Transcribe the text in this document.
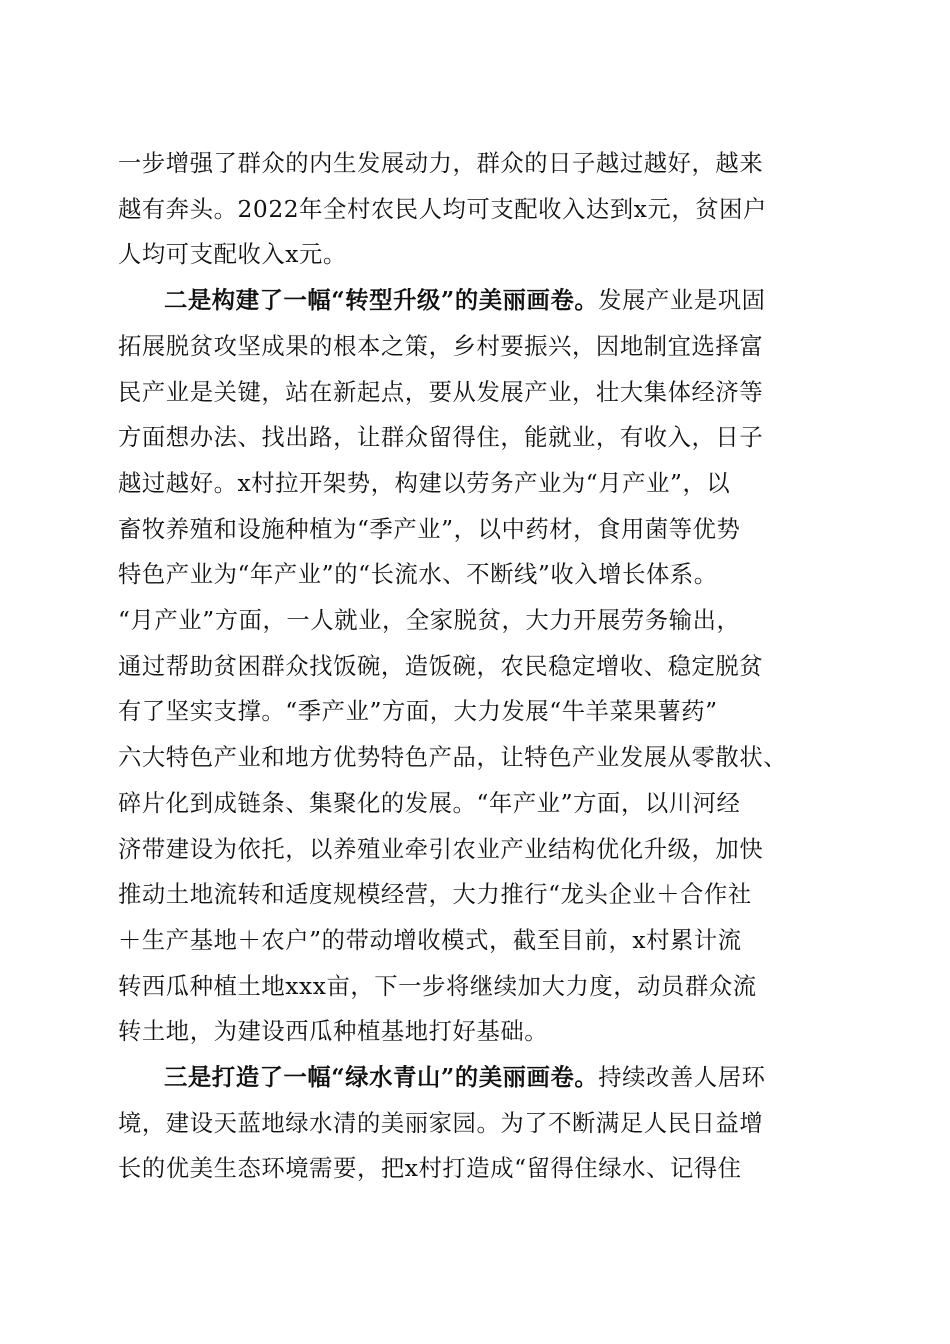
一步增强了群众的内生发展动力，群众的日子越过越好，越来
越有奔头。2022年全村农民人均可支配收入达到x元，贫困户
人均可支配收入x元。
二是构建了一幅“转型升级”的美丽画卷。发展产业是巩固
拓展脱贫攻坚成果的根本之策，乡村要振兴，因地制宜选择富
民产业是关键，站在新起点，要从发展产业，壮大集体经济等
方面想办法、找出路，让群众留得住，能就业，有收入，日子
越过越好。x村拉开架势，构建以劳务产业为“月产业”，以
畜牧养殖和设施种植为“季产业”，以中药材，食用菌等优势
特色产业为“年产业”的“长流水、不断线”收入增长体系。
“月产业”方面，一人就业，全家脱贫，大力开展劳务输出，
通过帮助贫困群众找饭碗，造饭碗，农民稳定增收、稳定脱贫
有了坚实支撑。“季产业”方面，大力发展“牛羊菜果薯药”
六大特色产业和地方优势特色产品，让特色产业发展从零散状、
碎片化到成链条、集聚化的发展。“年产业”方面，以川河经
济带建设为依托，以养殖业牵引农业产业结构优化升级，加快
推动土地流转和适度规模经营，大力推行“龙头企业＋合作社
＋生产基地＋农户”的带动增收模式，截至目前，x村累计流
转西瓜种植土地xxx亩，下一步将继续加大力度，动员群众流
转土地，为建设西瓜种植基地打好基础。
三是打造了一幅“绿水青山”的美丽画卷。持续改善人居环
境，建设天蓝地绿水清的美丽家园。为了不断满足人民日益增
长的优美生态环境需要，把x村打造成“留得住绿水、记得住
